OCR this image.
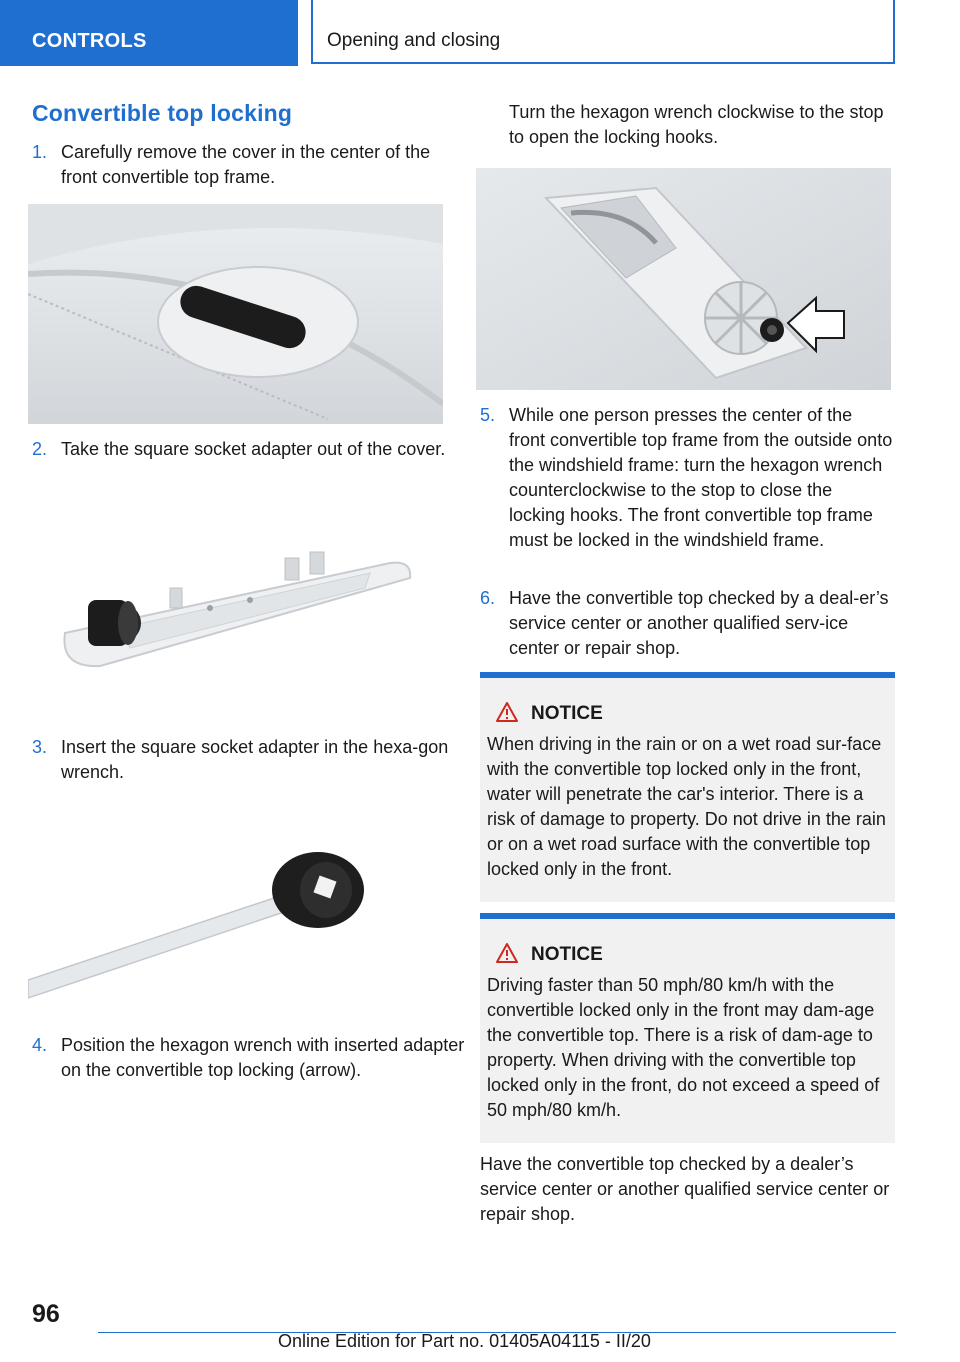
CONTROLS	Opening and closing
Convertible top locking
1. Carefully remove the cover in the center of the front convertible top frame.
2. Take the square socket adapter out of the cover.
3. Insert the square socket adapter in the hexa-gon wrench.
4. Position the hexagon wrench with inserted adapter on the convertible top locking (arrow).
Turn the hexagon wrench clockwise to the stop to open the locking hooks.
5. While one person presses the center of the front convertible top frame from the outside onto the windshield frame: turn the hexagon wrench counterclockwise to the stop to close the locking hooks. The front convertible top frame must be locked in the windshield frame.
6. Have the convertible top checked by a deal-er’s service center or another qualified serv-ice center or repair shop.
NOTICE
When driving in the rain or on a wet road sur-face with the convertible top locked only in the front, water will penetrate the car's interior. There is a risk of damage to property. Do not drive in the rain or on a wet road surface with the convertible top locked only in the front.
NOTICE
Driving faster than 50 mph/80 km/h with the convertible locked only in the front may dam-age the convertible top. There is a risk of dam-age to property. When driving with the convertible top locked only in the front, do not exceed a speed of 50 mph/80 km/h.
Have the convertible top checked by a dealer’s service center or another qualified service center or repair shop.
96
Online Edition for Part no. 01405A04115 - II/20
